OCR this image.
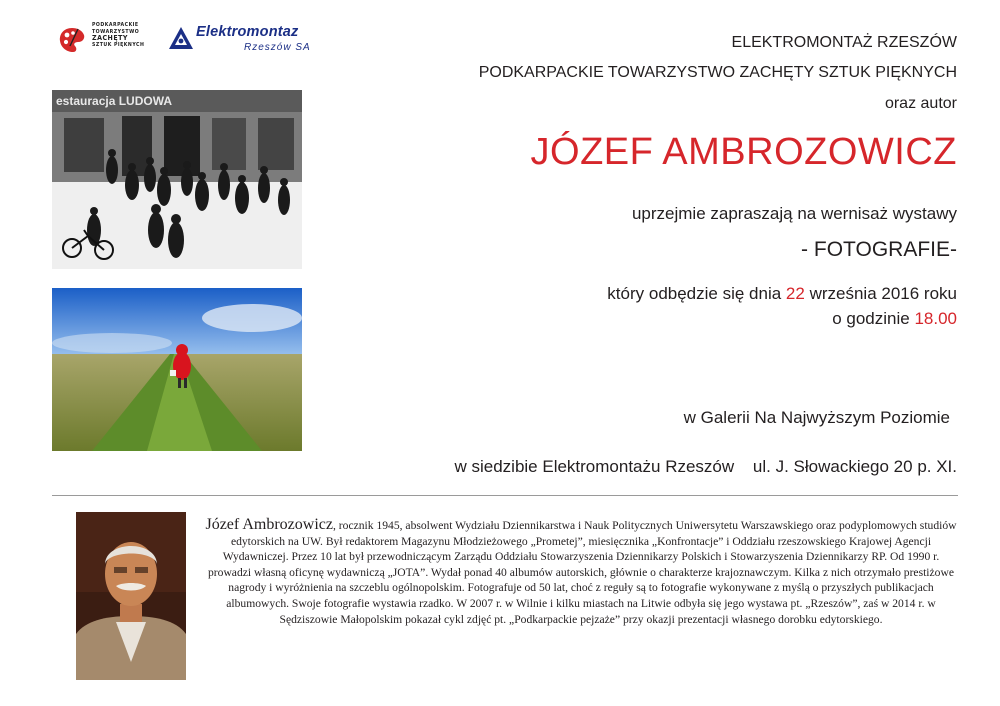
PODKARPACKIE
TOWARZYSTWO
ZACHĘTY
SZTUK PIĘKNYCH
Elektromontaz
Rzeszów SA	ELEKTROMONTAŻ RZESZÓW
PODKARPACKIE TOWARZYSTWO ZACHĘTY SZTUK PIĘKNYCH
oraz autor
JÓZEF AMBROZOWICZ
uprzejmie zapraszają na wernisaż wystawy
- FOTOGRAFIE-
który odbędzie się dnia 22 września 2016 roku
o godzinie 18.00
w Galerii Na Najwyższym Poziomie
w siedzibie Elektromontażu Rzeszów ul. J. Słowackiego 20 p. XI.
estauracja LUDOWA
Józef Ambrozowicz, rocznik 1945, absolwent Wydziału Dziennikarstwa i Nauk Politycznych Uniwersytetu Warszawskiego oraz podyplomowych studiów edytorskich na UW. Był redaktorem Magazynu Młodzieżowego „Prometej”, miesięcznika „Konfrontacje” i Oddziału rzeszowskiego Krajowej Agencji Wydawniczej. Przez 10 lat był przewodniczącym Zarządu Oddziału Stowarzyszenia Dziennikarzy Polskich i Stowarzyszenia Dziennikarzy RP. Od 1990 r. prowadzi własną oficynę wydawniczą „JOTA”. Wydał ponad 40 albumów autorskich, głównie o charakterze krajoznawczym. Kilka z nich otrzymało prestiżowe nagrody i wyróżnienia na szczeblu ogólnopolskim. Fotografuje od 50 lat, choć z reguły są to fotografie wykonywane z myślą o przyszłych publikacjach albumowych. Swoje fotografie wystawia rzadko. W 2007 r. w Wilnie i kilku miastach na Litwie odbyła się jego wystawa pt. „Rzeszów”, zaś w 2014 r. w Sędziszowie Małopolskim pokazał cykl zdjęć pt. „Podkarpackie pejzaże” przy okazji prezentacji własnego dorobku edytorskiego.
